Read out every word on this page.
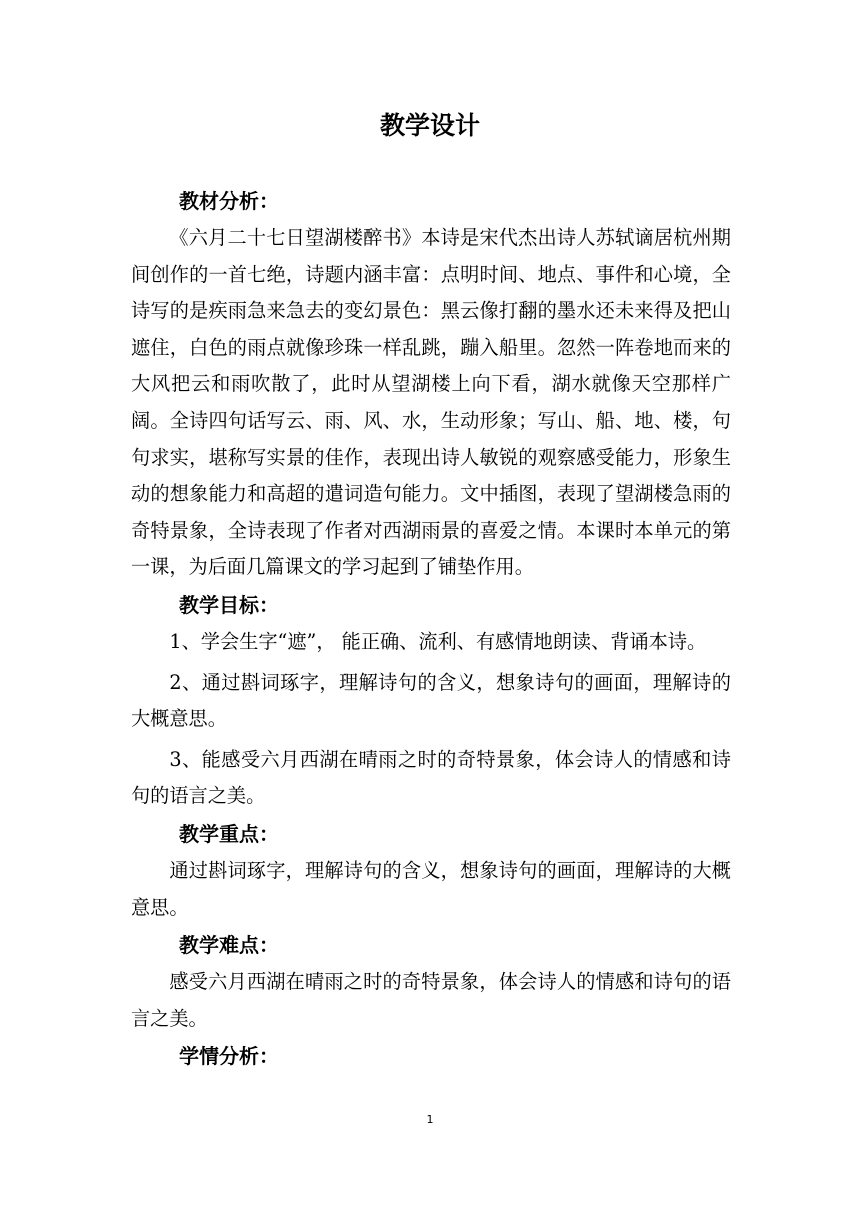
教学设计

教材分析：

《六月二十七日望湖楼醉书》本诗是宋代杰出诗人苏轼谪居杭州期间创作的一首七绝，诗题内涵丰富：点明时间、地点、事件和心境，全诗写的是疾雨急来急去的变幻景色：黑云像打翻的墨水还未来得及把山遮住，白色的雨点就像珍珠一样乱跳，蹦入船里。忽然一阵卷地而来的大风把云和雨吹散了，此时从望湖楼上向下看，湖水就像天空那样广阔。全诗四句话写云、雨、风、水，生动形象；写山、船、地、楼，句句求实，堪称写实景的佳作，表现出诗人敏锐的观察感受能力，形象生动的想象能力和高超的遣词造句能力。文中插图，表现了望湖楼急雨的奇特景象，全诗表现了作者对西湖雨景的喜爱之情。本课时本单元的第一课，为后面几篇课文的学习起到了铺垫作用。

教学目标：

1、学会生字“遮”， 能正确、流利、有感情地朗读、背诵本诗。

2、通过斟词琢字，理解诗句的含义，想象诗句的画面，理解诗的大概意思。

3、能感受六月西湖在晴雨之时的奇特景象，体会诗人的情感和诗句的语言之美。

教学重点：

通过斟词琢字，理解诗句的含义，想象诗句的画面，理解诗的大概意思。

教学难点：

感受六月西湖在晴雨之时的奇特景象，体会诗人的情感和诗句的语言之美。

学情分析：

1
